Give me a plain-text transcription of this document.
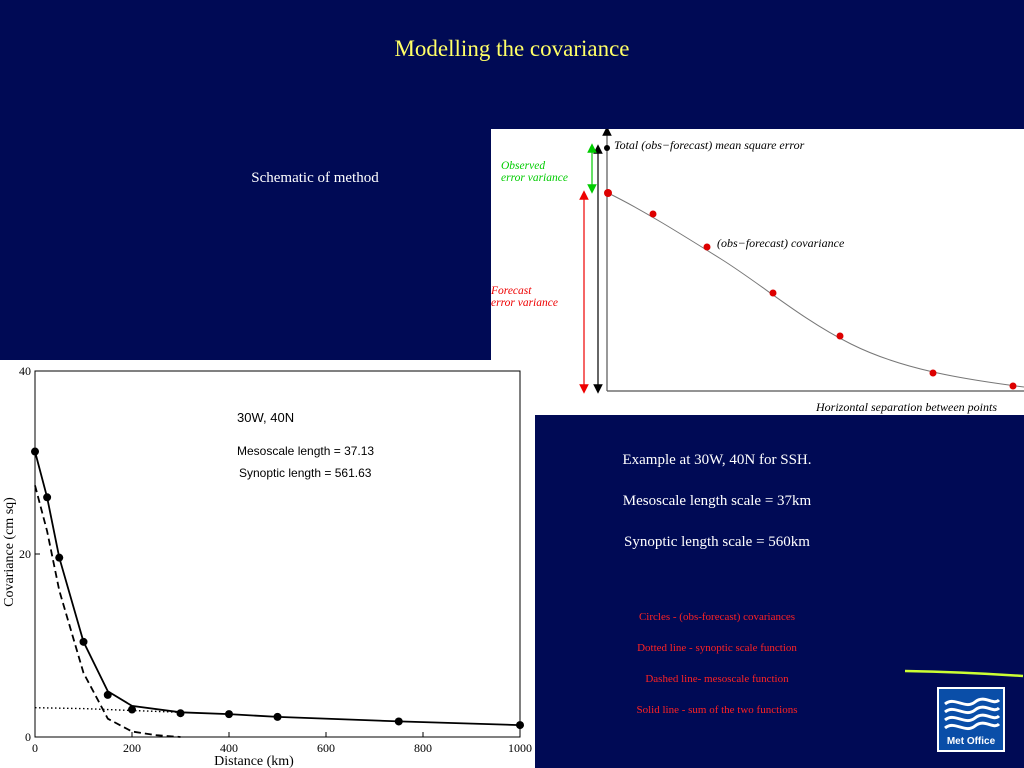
Modelling the covariance
Schematic of method
Total (obs−forecast) mean square error
Observed
error variance
Forecast
error variance
(obs−forecast) covariance
Horizontal separation between points
0	200	400	600	800	1000
0
20
40
30W, 40N
Mesoscale length = 37.13
Synoptic length = 561.63
Distance (km)
Covariance (cm sq)
Example at 30W, 40N for SSH.
Mesoscale length scale = 37km
Synoptic length scale = 560km
Circles - (obs-forecast) covariances
Dotted line - synoptic scale function
Dashed line- mesoscale function
Solid line - sum of the two functions
Met Office
